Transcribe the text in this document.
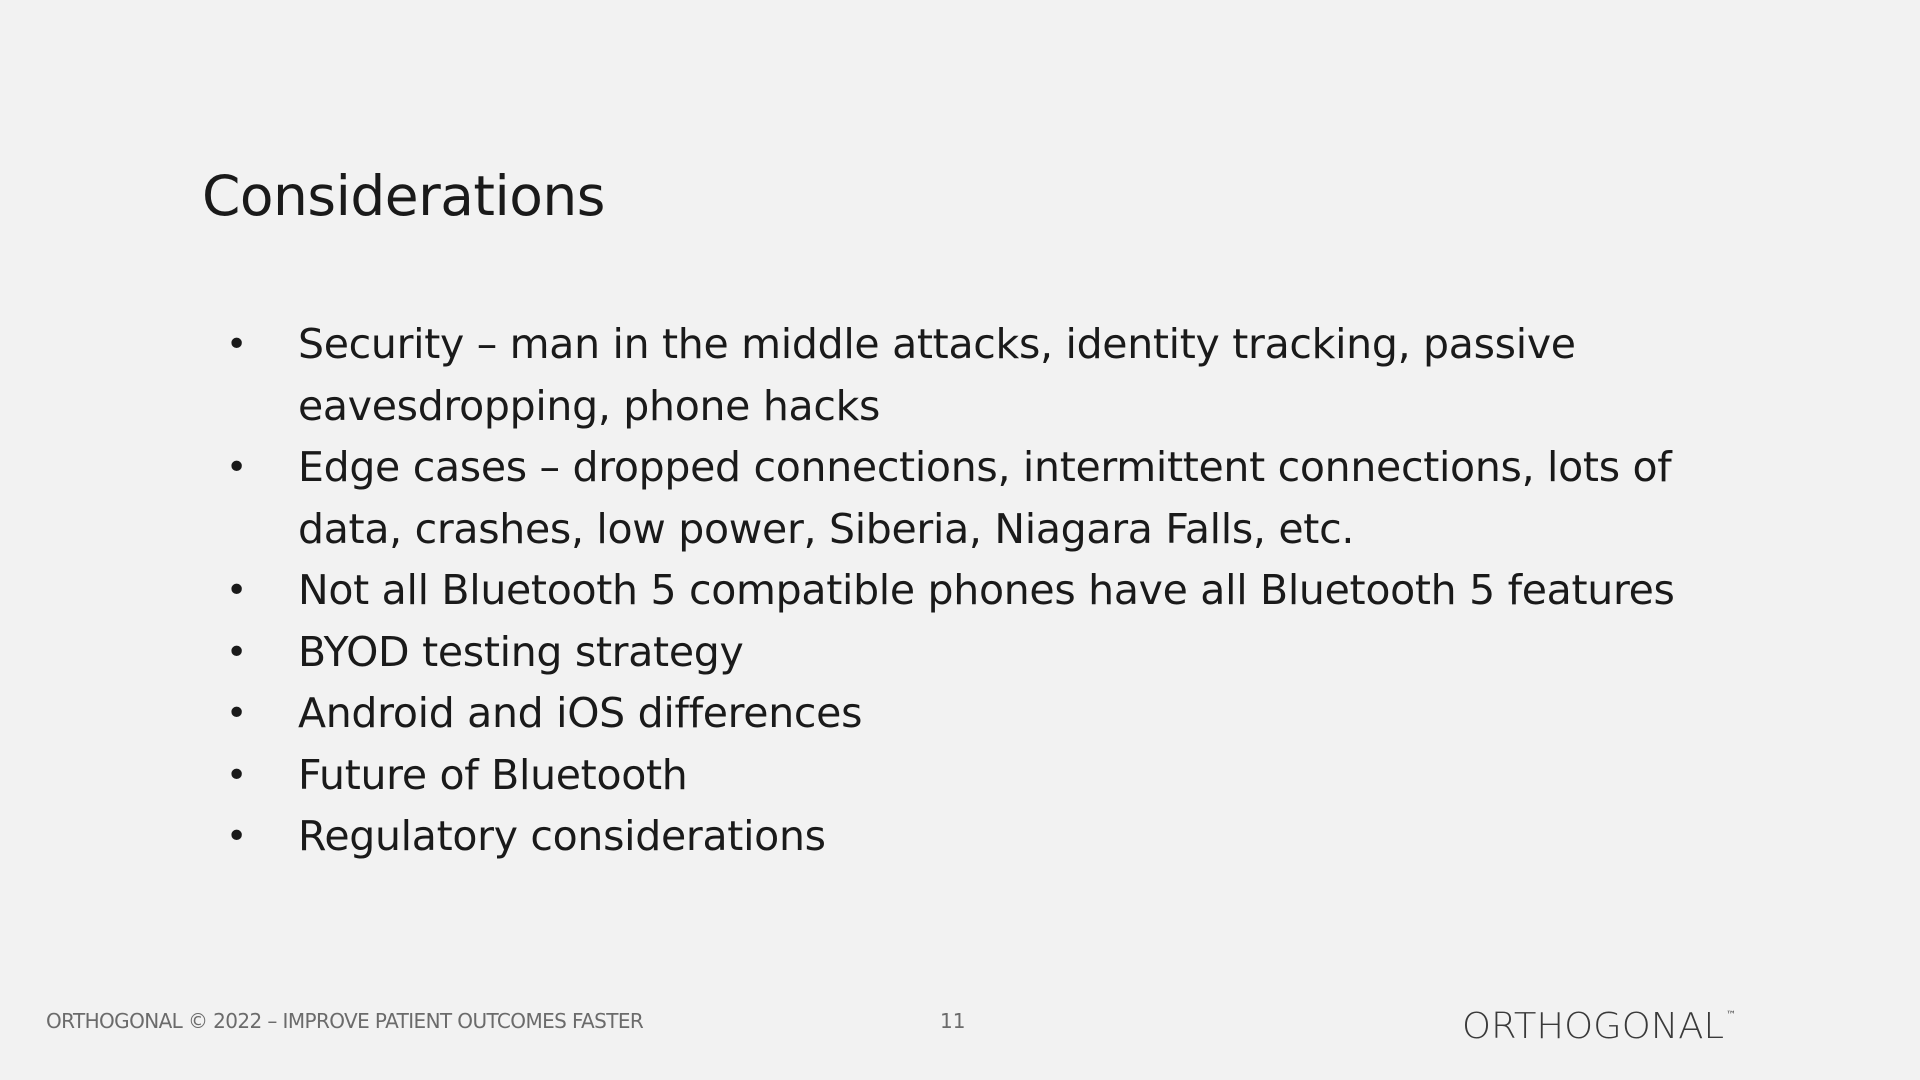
Considerations
• Security – man in the middle attacks, identity tracking, passive eavesdropping, phone hacks
• Edge cases – dropped connections, intermittent connections, lots of data, crashes, low power, Siberia, Niagara Falls, etc.
• Not all Bluetooth 5 compatible phones have all Bluetooth 5 features
• BYOD testing strategy
• Android and iOS differences
• Future of Bluetooth
• Regulatory considerations
ORTHOGONAL © 2022 – IMPROVE PATIENT OUTCOMES FASTER	11	ORTHOGONAL ™
